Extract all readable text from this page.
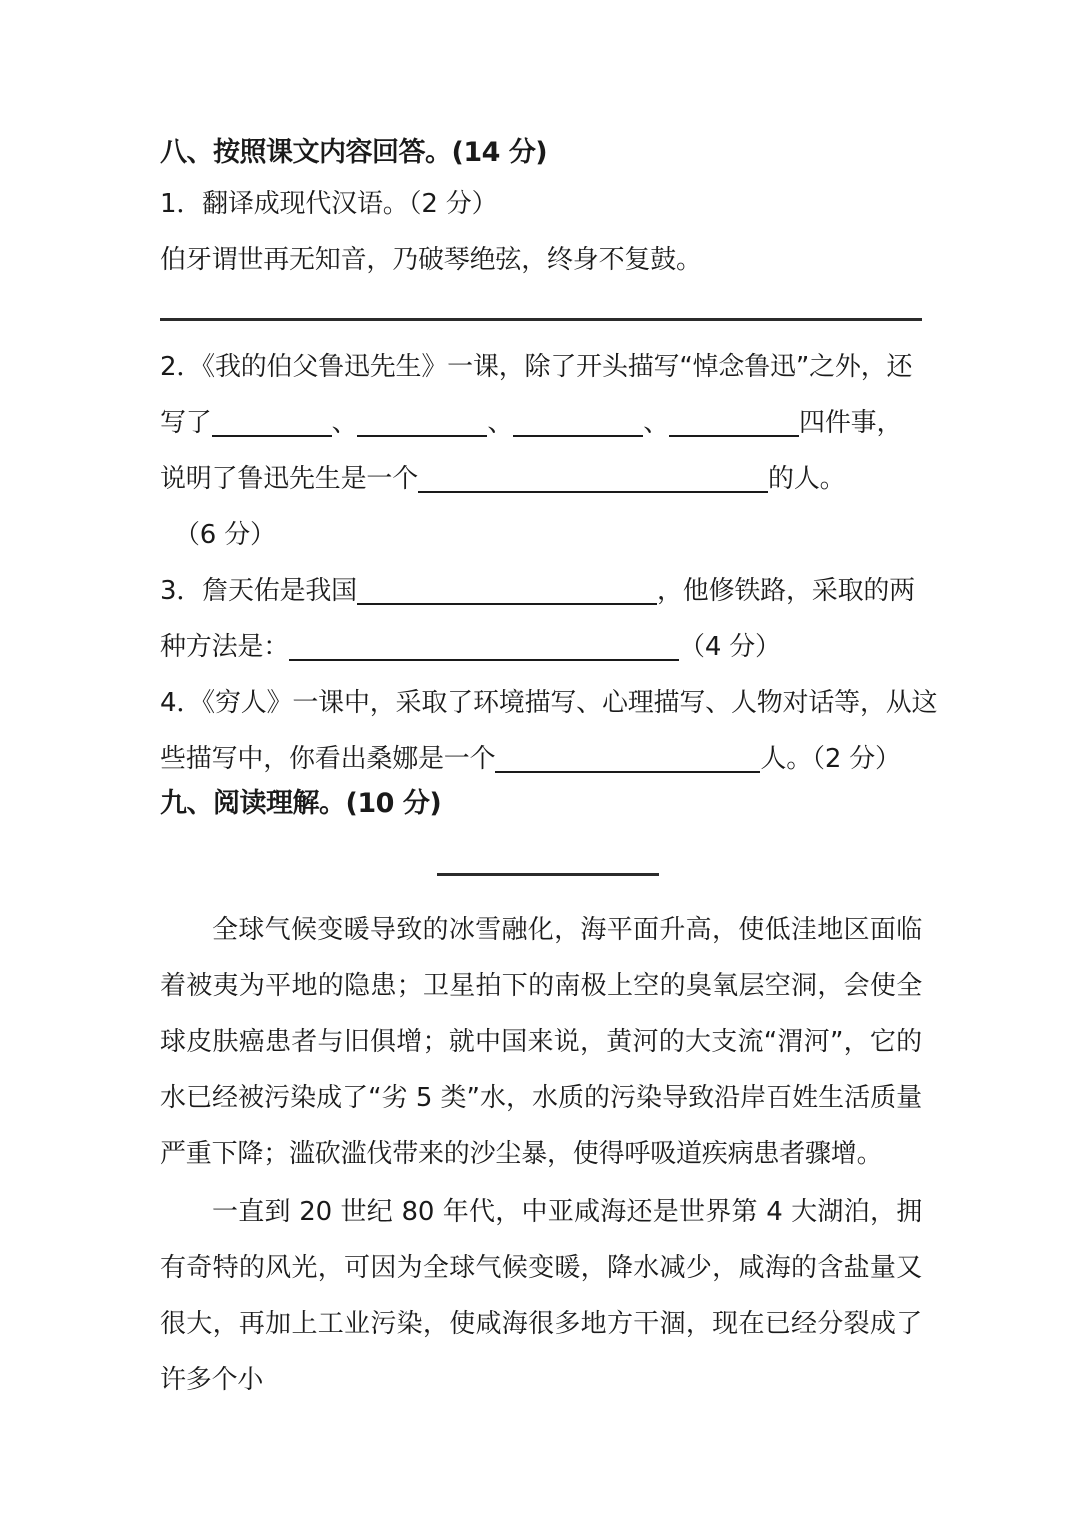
八、按照课文内容回答。(14 分)

1．翻译成现代汉语。（2 分）

伯牙谓世再无知音，乃破琴绝弦，终身不复鼓。

2．《我的伯父鲁迅先生》一课，除了开头描写“悼念鲁迅”之外，还

写了	、	、	、	四件事，

说明了鲁迅先生是一个	的人。

（6 分）

3．詹天佑是我国	，他修铁路，采取的两

种方法是：	（4 分）

4．《穷人》一课中，采取了环境描写、心理描写、人物对话等，从这

些描写中，你看出桑娜是一个	人。（2 分）

九、阅读理解。(10 分)

全球气候变暖导致的冰雪融化，海平面升高，使低洼地区面临着被夷为平地的隐患；卫星拍下的南极上空的臭氧层空洞，会使全球皮肤癌患者与旧俱增；就中国来说，黄河的大支流“渭河”，它的水已经被污染成了“劣 5 类”水，水质的污染导致沿岸百姓生活质量严重下降；滥砍滥伐带来的沙尘暴，使得呼吸道疾病患者骤增。

一直到 20 世纪 80 年代，中亚咸海还是世界第 4 大湖泊，拥有奇特的风光，可因为全球气候变暖，降水减少，咸海的含盐量又很大，再加上工业污染，使咸海很多地方干涸，现在已经分裂成了许多个小
